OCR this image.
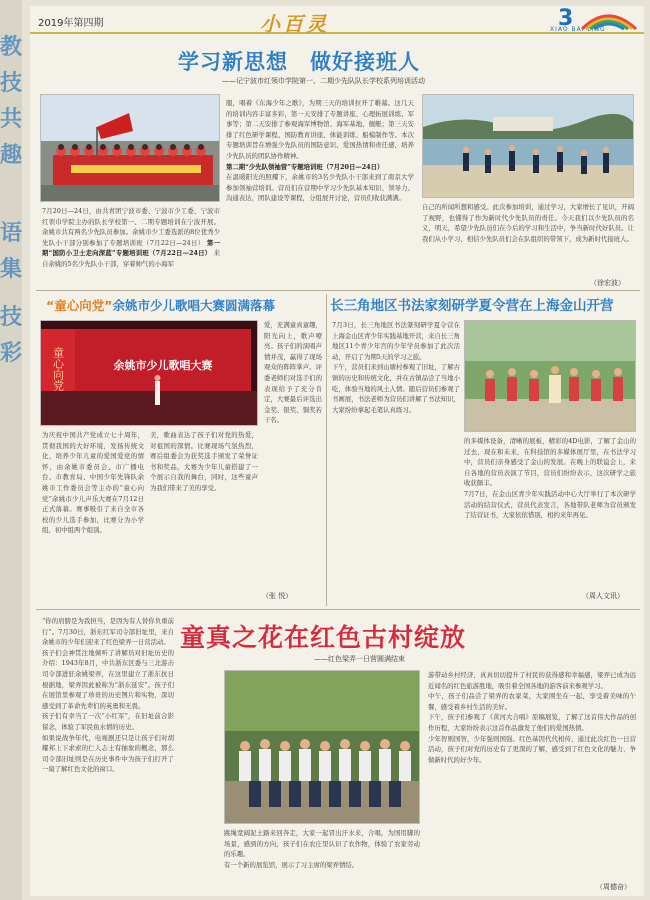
教
技
共
趣
语
集
技
彩
2019年第四期	小百灵	3
XIAO BAI LING
学习新思想　做好接班人
——记宁波市红领巾学院第一、二期少先队队长学校系列培训活动
7月20日—24日，由共青团宁波市委、宁波市少工委、宁波市红领巾学院主办的队长学校第一、二期专题培训在宁波开展。余姚市共有两名少先队员参加。余姚市少工委选派的8位优秀少先队小干部分别参加了专题培训班（7月22日—24日） 第一期“国防小卫士走向深蓝”专题培训班（7月22日—24日） 来自余姚的5名少先队小干部，穿着帅气的小海军
服，唱着《东海少年之歌》，为期三天的培训拉开了帷幕。这几天的培训内容丰富多彩，第一天安排了专题讲座、心理拓展训练、军事等；第二天安排了参观海军博物馆、海军基地、舰艇；第三天安排了红色研学课程、国防教育讲座、体能训练、船模制作等。本次专题培训旨在增强少先队员的国防意识、爱国热情和责任感，培养少先队员的团队协作精神。
第二期“少先队领袖营”专题培训班（7月20日—24日）
在温暖阳光的照耀下，余姚市的3名少先队小干部来到了南京大学参加领袖营培训。营员们在营期中学习少先队基本知识、领导力、沟通表达、团队建设等课程，分组展开讨论，营员们收获满满。
自己的所闻所想和感受。此次参加培训，通过学习，大家增长了见识，开阔了视野，也懂得了作为新时代少先队员的责任。今天我们以少先队员的名义，明天，希望少先队员们在今后的学习和生活中，争当新时代好队员。让我们从小学习，相信少先队员们会在队组织的带领下，成为新时代接班人。
（徐宏波）
“童心向党”余姚市少儿歌唱大赛圆满落幕
童心向党	余姚市少儿歌唱大赛
为庆祝中国共产党成立七十周年，贯彻我国的大好环境，发扬传统文化，培养少年儿童的爱国爱党的情怀，由余姚市委员会、市广播电台、市教育局、中国少年先锋队余姚市工作委员会等主办的“童心向党”余姚市少儿声乐大赛在7月12日正式落幕。赛事吸引了来自全市各校的少儿选手参加，比赛分为小学组、初中组两个组别。
美，歌曲表达了孩子们对党的热爱，对祖国的深情。比赛现场气氛热烈，赛后组委会为获奖选手颁发了荣誉证书和奖品，大赛为少年儿童搭建了一个展示自我的舞台，同时，这些童声为我们带来了美的享受。
爱，充满童真童趣，阳光向上，歌声嘹亮。孩子们的演唱声情并茂，赢得了现场观众的阵阵掌声。评委老师们对选手们的表现给予了充分肯定，大赛最后评选出金奖、银奖、铜奖若干名。
（张 悦）
长三角地区书法家刻研学夏令营在上海金山开营
7月3日，长三角地区书法篆刻研学夏令营在上海金山区青少年实践基地开营，来自长三角地区11个青少年宫的少年学员参加了此次活动，开启了为期5天的学习之旅。
下午，营员们来到山塘村参观了旧址，了解古镇的历史和传统文化，并在古镇品尝了当地小吃，体验当地的风土人情。随后营员们参观了书画展，书法老师为营员们讲解了书法知识，大家纷纷拿起毛笔认真练习。
的多媒体设备，清晰的展板，精彩的4D电影，了解了金山的过去，现在和未来，在科技馆的多媒体展厅里，在书法学习中，营员们亲身感受了金山的发展。在晚上的联谊会上，来自各地的营员表演了节目，营员们纷纷表示，这次研学之旅收获颇丰。
7月7日，在金山区青少年实践活动中心大厅举行了本次研学活动的结营仪式，营员代表发言，各地带队老师为营员颁发了结营证书，大家依依惜别，相约来年再见。
（周人文讯）
童真之花在红色古村绽放
——红色梁弄一日营圆满结束
“你的肩膀是为我担当，是因为有人替你负重前行”。7月30日，浙东红军司令部旧址里，来自余姚市的少年们迎来了红色梁弄一日营活动。
孩子们会神贯注地倾听了讲解员对旧址历史的介绍：1943年8月，中共浙东区委与三北游击司令部进驻余姚梁弄，在这里建立了浙东抗日根据地，梁弄因此被称为“浙东延安”。孩子们在展馆里参观了珍贵的历史图片和实物，深切感受到了革命先辈们的英勇和无畏。
孩子们有幸当了一次“小红军”，在旧址前合影留念，体验了军民鱼水情的历史。
如果说战争年代，电视剧还只是让孩子们对胡耀邦上下求索的仁人志士有抽象的概念，那么司令部旧址则是在历史事件中为孩子们打开了一扇了解红色文化的窗口。
跳绳宽阔泥土路来回奔走，大家一起冒出汗水来，合唱，为国用脚的场景，感到的方向，孩子们在农庄里认识了农作物，体验了农家劳动的乐趣。
有一个新的展览馆，展示了习主席的梁弄情结。
游带动乡村经济，真真切切提升了村民的获得感和幸福感，梁弄已成为远近闻名的红色旅游胜地，吸引着全国各地的游客前来参观学习。
中午，孩子们品尝了梁弄的农家菜，大家围坐在一起，享受着美味的午餐，感受着乡村生活的美好。
下午，孩子们参观了《黄河大合唱》原稿展览，了解了这首伟大作品的创作历程，大家纷纷表示这首作品激发了他们的爱国热情。
少年智则国智，少年强则国强。红色基因代代相传，通过此次红色一日营活动，孩子们对党的历史有了更深的了解，感受到了红色文化的魅力，争做新时代的好少年。
（周德奋）
